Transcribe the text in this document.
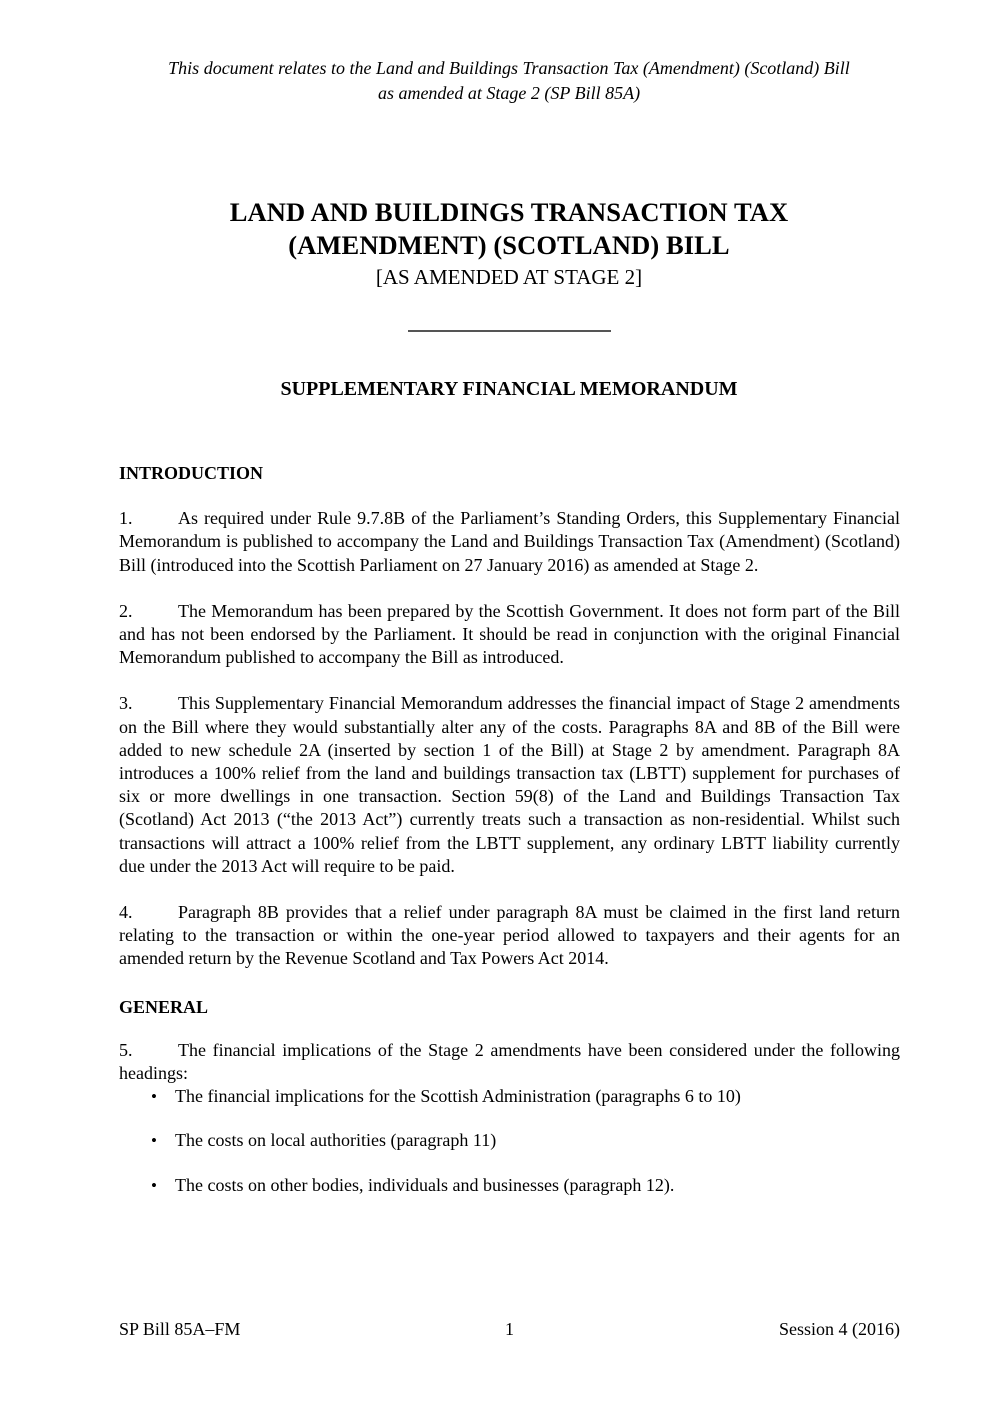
This document relates to the Land and Buildings Transaction Tax (Amendment) (Scotland) Bill
as amended at Stage 2 (SP Bill 85A)
LAND AND BUILDINGS TRANSACTION TAX
(AMENDMENT) (SCOTLAND) BILL
[AS AMENDED AT STAGE 2]
SUPPLEMENTARY FINANCIAL MEMORANDUM
INTRODUCTION

1.	As required under Rule 9.7.8B of the Parliament’s Standing Orders, this Supplementary Financial Memorandum is published to accompany the Land and Buildings Transaction Tax (Amendment) (Scotland) Bill (introduced into the Scottish Parliament on 27 January 2016) as amended at Stage 2.

2.	The Memorandum has been prepared by the Scottish Government. It does not form part of the Bill and has not been endorsed by the Parliament. It should be read in conjunction with the original Financial Memorandum published to accompany the Bill as introduced.

3.	This Supplementary Financial Memorandum addresses the financial impact of Stage 2 amendments on the Bill where they would substantially alter any of the costs. Paragraphs 8A and 8B of the Bill were added to new schedule 2A (inserted by section 1 of the Bill) at Stage 2 by amendment. Paragraph 8A introduces a 100% relief from the land and buildings transaction tax (LBTT) supplement for purchases of six or more dwellings in one transaction. Section 59(8) of the Land and Buildings Transaction Tax (Scotland) Act 2013 (“the 2013 Act”) currently treats such a transaction as non-residential. Whilst such transactions will attract a 100% relief from the LBTT supplement, any ordinary LBTT liability currently due under the 2013 Act will require to be paid.

4.	Paragraph 8B provides that a relief under paragraph 8A must be claimed in the first land return relating to the transaction or within the one-year period allowed to taxpayers and their agents for an amended return by the Revenue Scotland and Tax Powers Act 2014.

GENERAL

5.	The financial implications of the Stage 2 amendments have been considered under the following headings:

• The financial implications for the Scottish Administration (paragraphs 6 to 10)
• The costs on local authorities (paragraph 11)
• The costs on other bodies, individuals and businesses (paragraph 12).
SP Bill 85A–FM	1	Session 4 (2016)
